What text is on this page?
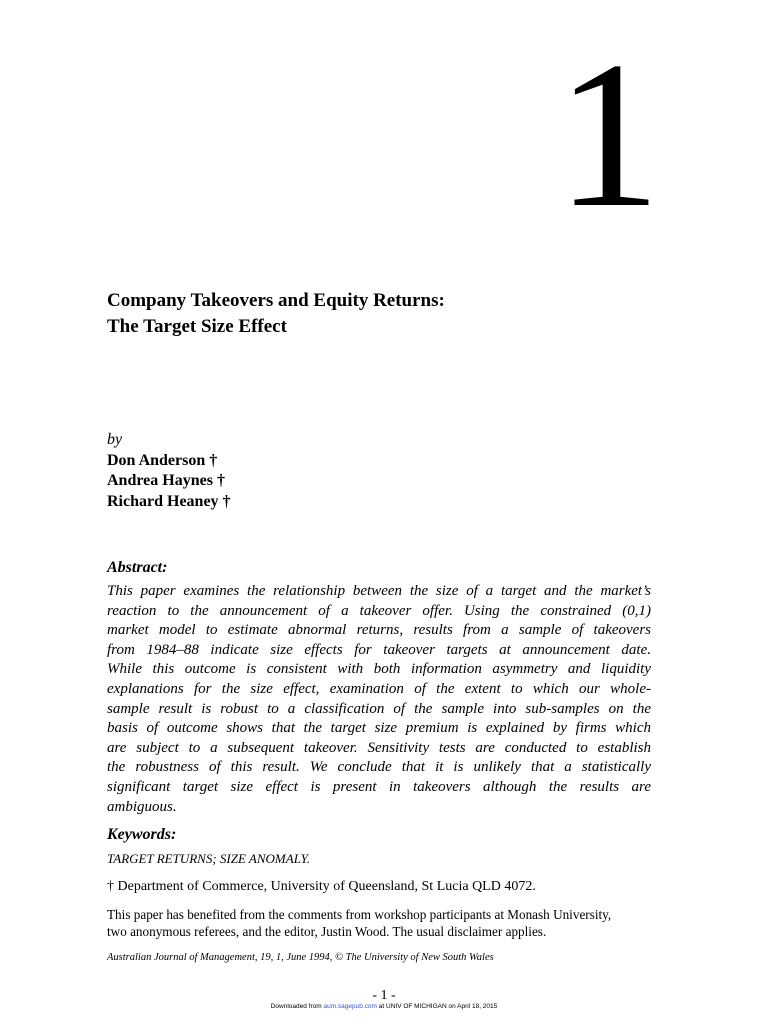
1
Company Takeovers and Equity Returns:
The Target Size Effect
by
Don Anderson †
Andrea Haynes †
Richard Heaney †
Abstract:
This paper examines the relationship between the size of a target and the market’s
reaction to the announcement of a takeover offer. Using the constrained (0,1)
market model to estimate abnormal returns, results from a sample of takeovers
from 1984–88 indicate size effects for takeover targets at announcement date.
While this outcome is consistent with both information asymmetry and liquidity
explanations for the size effect, examination of the extent to which our whole-
sample result is robust to a classification of the sample into sub-samples on the
basis of outcome shows that the target size premium is explained by firms which
are subject to a subsequent takeover. Sensitivity tests are conducted to establish
the robustness of this result. We conclude that it is unlikely that a statistically
significant target size effect is present in takeovers although the results are
ambiguous.
Keywords:
TARGET RETURNS; SIZE ANOMALY.
† Department of Commerce, University of Queensland, St Lucia QLD 4072.
This paper has benefited from the comments from workshop participants at Monash University,
two anonymous referees, and the editor, Justin Wood. The usual disclaimer applies.
Australian Journal of Management, 19, 1, June 1994, © The University of New South Wales
- 1 -
Downloaded from aum.sagepub.com at UNIV OF MICHIGAN on April 18, 2015
